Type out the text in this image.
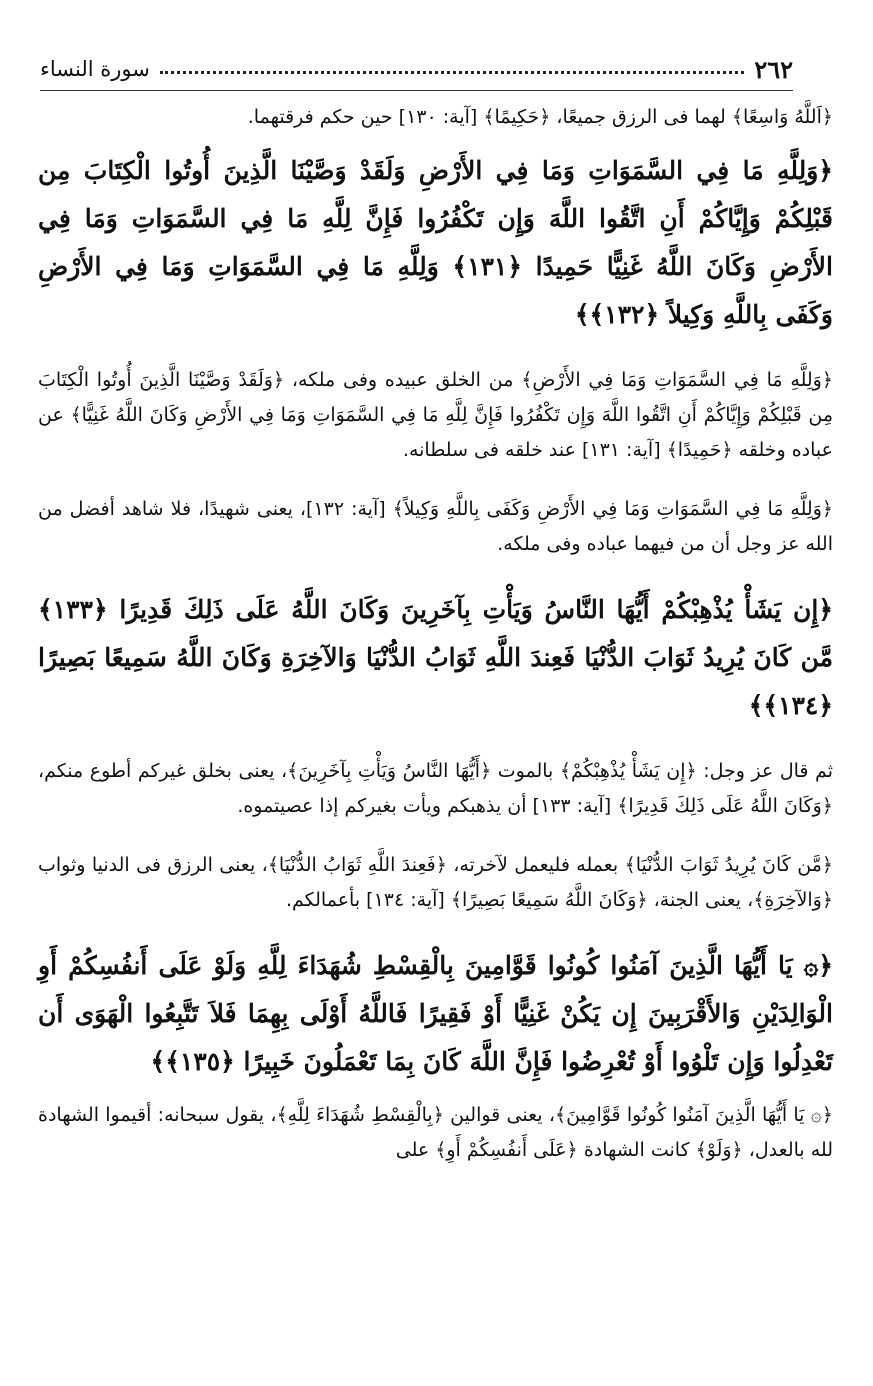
٢٦٢
سورة النساء

﴿اَللَّهُ وَاسِعًا﴾ لهما فى الرزق جميعًا، ﴿حَكِيمًا﴾ [آية: ١٣٠] حين حكم فرقتهما.

﴿وَلِلَّهِ مَا فِي السَّمَوَاتِ وَمَا فِي الأَرْضِ وَلَقَدْ وَصَّيْنَا الَّذِينَ أُوتُوا الْكِتَابَ مِن قَبْلِكُمْ وَإِيَّاكُمْ أَنِ اتَّقُوا اللَّهَ وَإِن تَكْفُرُوا فَإِنَّ لِلَّهِ مَا فِي السَّمَوَاتِ وَمَا فِي الأَرْضِ وَكَانَ اللَّهُ غَنِيًّا حَمِيدًا ﴿١٣١﴾ وَلِلَّهِ مَا فِي السَّمَوَاتِ وَمَا فِي الأَرْضِ وَكَفَى بِاللَّهِ وَكِيلاً ﴿١٣٢﴾﴾

﴿وَلِلَّهِ مَا فِي السَّمَوَاتِ وَمَا فِي الأَرْضِ﴾ من الخلق عبيده وفى ملكه، ﴿وَلَقَدْ وَصَّيْنَا الَّذِينَ أُوتُوا الْكِتَابَ مِن قَبْلِكُمْ وَإِيَّاكُمْ أَنِ اتَّقُوا اللَّهَ وَإِن تَكْفُرُوا فَإِنَّ لِلَّهِ مَا فِي السَّمَوَاتِ وَمَا فِي الأَرْضِ وَكَانَ اللَّهُ غَنِيًّا﴾ عن عباده وخلقه ﴿حَمِيدًا﴾ [آية: ١٣١] عند خلقه فى سلطانه.

﴿وَلِلَّهِ مَا فِي السَّمَوَاتِ وَمَا فِي الأَرْضِ وَكَفَى بِاللَّهِ وَكِيلاً﴾ [آية: ١٣٢]، يعنى شهيدًا، فلا شاهد أفضل من الله عز وجل أن من فيهما عباده وفى ملكه.

﴿إِن يَشَأْ يُذْهِبْكُمْ أَيُّهَا النَّاسُ وَيَأْتِ بِآخَرِينَ وَكَانَ اللَّهُ عَلَى ذَلِكَ قَدِيرًا ﴿١٣٣﴾ مَّن كَانَ يُرِيدُ ثَوَابَ الدُّنْيَا فَعِندَ اللَّهِ ثَوَابُ الدُّنْيَا وَالآخِرَةِ وَكَانَ اللَّهُ سَمِيعًا بَصِيرًا ﴿١٣٤﴾﴾

ثم قال عز وجل: ﴿إِن يَشَأْ يُذْهِبْكُمْ﴾ بالموت ﴿أَيُّهَا النَّاسُ وَيَأْتِ بِآخَرِينَ﴾، يعنى بخلق غيركم أطوع منكم، ﴿وَكَانَ اللَّهُ عَلَى ذَلِكَ قَدِيرًا﴾ [آية: ١٣٣] أن يذهبكم ويأت بغيركم إذا عصيتموه.

﴿مَّن كَانَ يُرِيدُ ثَوَابَ الدُّنْيَا﴾ بعمله فليعمل لآخرته، ﴿فَعِندَ اللَّهِ ثَوَابُ الدُّنْيَا﴾، يعنى الرزق فى الدنيا وثواب ﴿وَالآخِرَةِ﴾، يعنى الجنة، ﴿وَكَانَ اللَّهُ سَمِيعًا بَصِيرًا﴾ [آية: ١٣٤] بأعمالكم.

﴿۞ يَا أَيُّهَا الَّذِينَ آمَنُوا كُونُوا قَوَّامِينَ بِالْقِسْطِ شُهَدَاءَ لِلَّهِ وَلَوْ عَلَى أَنفُسِكُمْ أَوِ الْوَالِدَيْنِ وَالأَقْرَبِينَ إِن يَكُنْ غَنِيًّا أَوْ فَقِيرًا فَاللَّهُ أَوْلَى بِهِمَا فَلاَ تَتَّبِعُوا الْهَوَى أَن تَعْدِلُوا وَإِن تَلْوُوا أَوْ تُعْرِضُوا فَإِنَّ اللَّهَ كَانَ بِمَا تَعْمَلُونَ خَبِيرًا ﴿١٣٥﴾﴾

﴿۞ يَا أَيُّهَا الَّذِينَ آمَنُوا كُونُوا قَوَّامِينَ﴾، يعنى قوالين ﴿بِالْقِسْطِ شُهَدَاءَ لِلَّهِ﴾، يقول سبحانه: أقيموا الشهادة لله بالعدل، ﴿وَلَوْ﴾ كانت الشهادة ﴿عَلَى أَنفُسِكُمْ أَوِ﴾ على
